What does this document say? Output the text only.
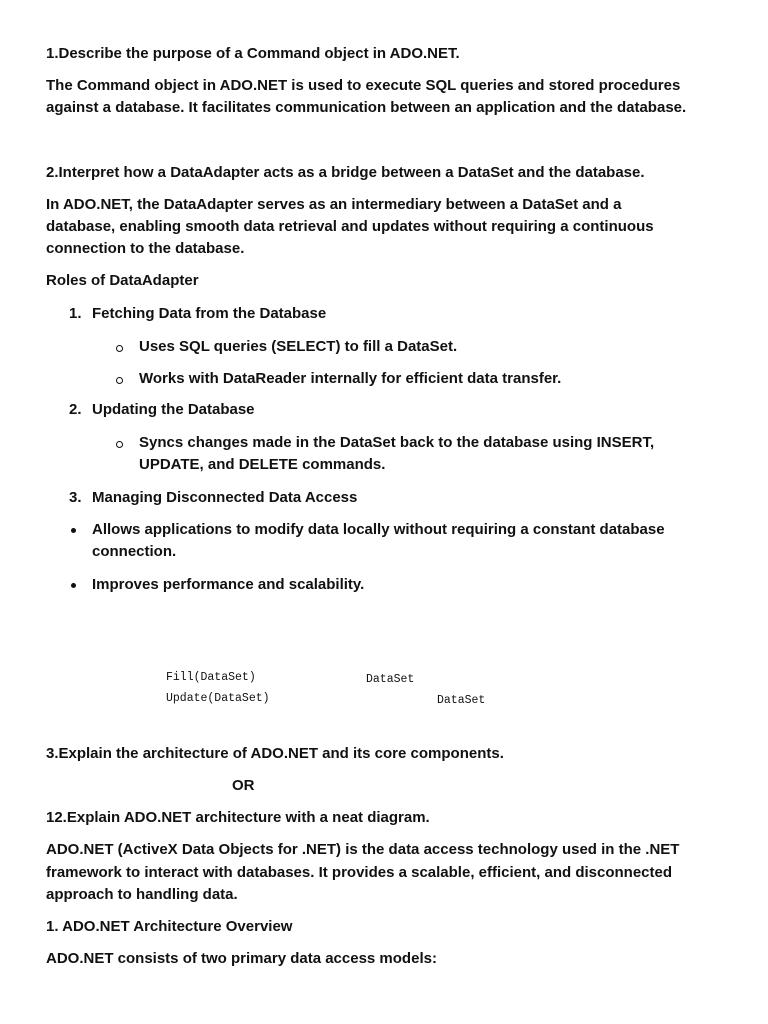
1.Describe the purpose of a Command object in ADO.NET.

The Command object in ADO.NET is used to execute SQL queries and stored procedures

against a database. It facilitates communication between an application and the database.

2.Interpret how a DataAdapter acts as a bridge between a DataSet and the database.

In ADO.NET, the DataAdapter serves as an intermediary between a DataSet and a

database, enabling smooth data retrieval and updates without requiring a continuous

connection to the database.

Roles of DataAdapter

1. Fetching Data from the Database

Uses SQL queries (SELECT) to fill a DataSet.

Works with DataReader internally for efficient data transfer.

2. Updating the Database

Syncs changes made in the DataSet back to the database using INSERT,

UPDATE, and DELETE commands.

3. Managing Disconnected Data Access

Allows applications to modify data locally without requiring a constant database

connection.

Improves performance and scalability.

Fill(DataSet)
Update(DataSet)
DataSet
DataSet

3.Explain the architecture of ADO.NET and its core components.

OR

12.Explain ADO.NET architecture with a neat diagram.

ADO.NET (ActiveX Data Objects for .NET) is the data access technology used in the .NET

framework to interact with databases. It provides a scalable, efficient, and disconnected

approach to handling data.

1. ADO.NET Architecture Overview

ADO.NET consists of two primary data access models:
